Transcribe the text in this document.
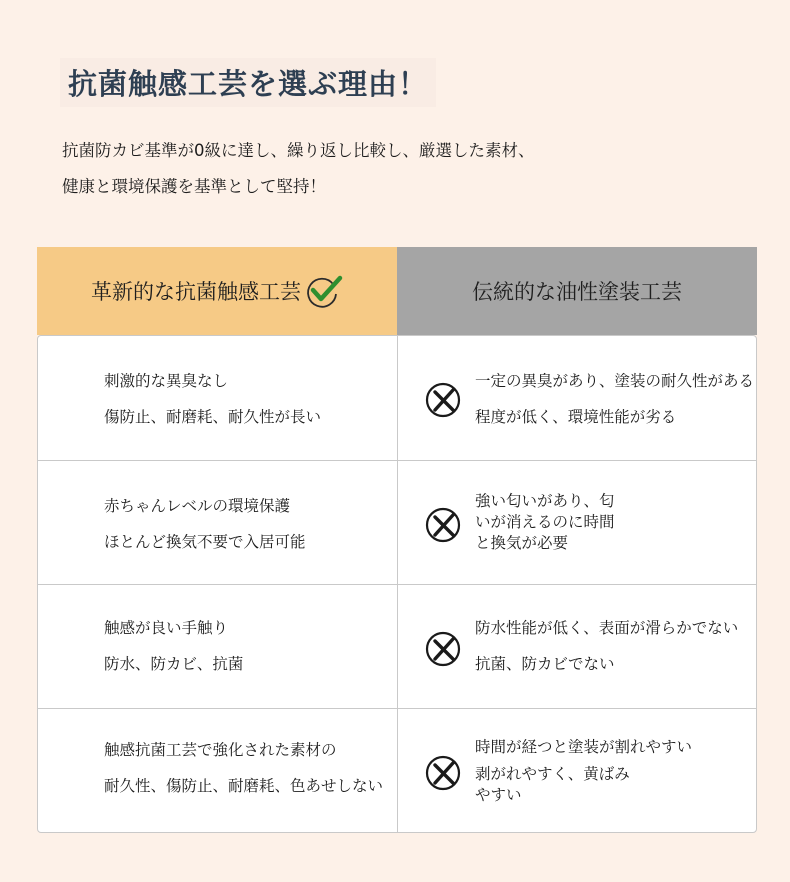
抗菌触感工芸を選ぶ理由！
抗菌防カビ基準が0級に達し、繰り返し比較し、厳選した素材、
健康と環境保護を基準として堅持！
革新的な抗菌触感工芸	伝統的な油性塗装工芸
刺激的な異臭なし
傷防止、耐磨耗、耐久性が長い
一定の異臭があり、塗装の耐久性がある
程度が低く、環境性能が劣る
赤ちゃんレベルの環境保護
ほとんど換気不要で入居可能
強い匂いがあり、匂
いが消えるのに時間
と換気が必要
触感が良い手触り
防水、防カビ、抗菌
防水性能が低く、表面が滑らかでない
抗菌、防カビでない
触感抗菌工芸で強化された素材の
耐久性、傷防止、耐磨耗、色あせしない
時間が経つと塗装が割れやすい
剥がれやすく、黄ばみ
やすい
